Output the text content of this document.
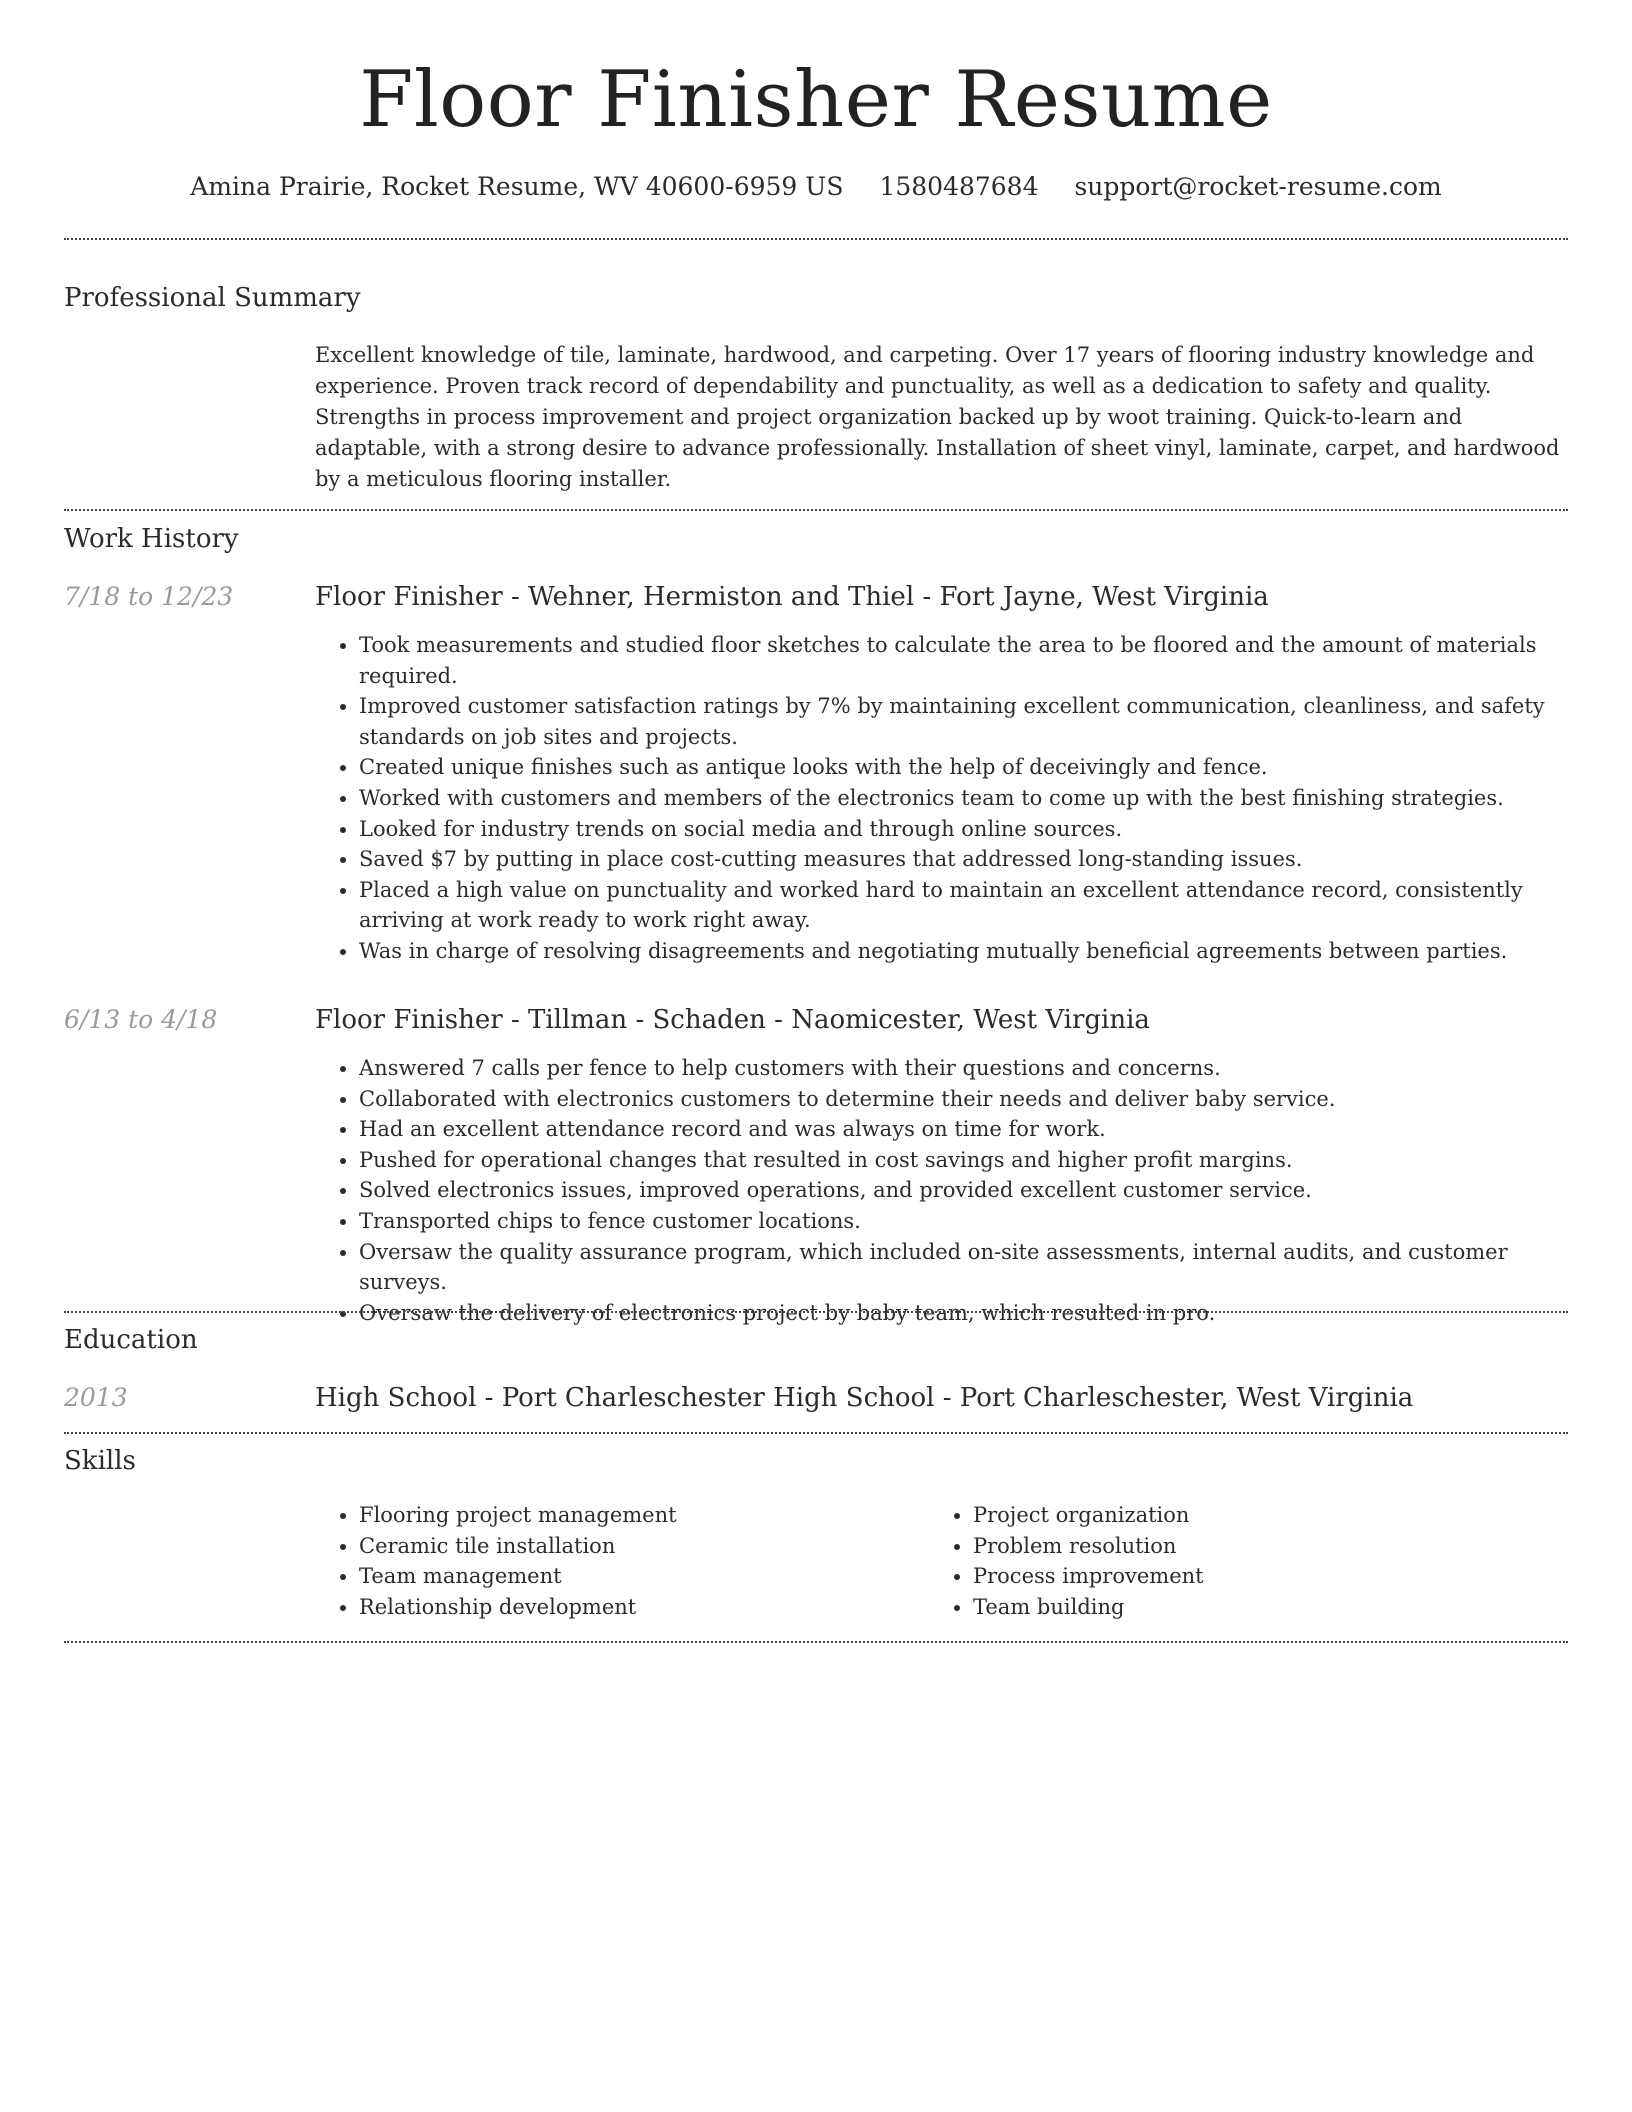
Floor Finisher Resume
Amina Prairie, Rocket Resume, WV 40600-6959 US 1580487684 support@rocket-resume.com
Professional Summary
Excellent knowledge of tile, laminate, hardwood, and carpeting. Over 17 years of flooring industry knowledge and experience. Proven track record of dependability and punctuality, as well as a dedication to safety and quality. Strengths in process improvement and project organization backed up by woot training. Quick-to-learn and adaptable, with a strong desire to advance professionally. Installation of sheet vinyl, laminate, carpet, and hardwood by a meticulous flooring installer.
Work History
7/18 to 12/23	Floor Finisher - Wehner, Hermiston and Thiel - Fort Jayne, West Virginia
• Took measurements and studied floor sketches to calculate the area to be floored and the amount of materials required.
• Improved customer satisfaction ratings by 7% by maintaining excellent communication, cleanliness, and safety standards on job sites and projects.
• Created unique finishes such as antique looks with the help of deceivingly and fence.
• Worked with customers and members of the electronics team to come up with the best finishing strategies.
• Looked for industry trends on social media and through online sources.
• Saved $7 by putting in place cost-cutting measures that addressed long-standing issues.
• Placed a high value on punctuality and worked hard to maintain an excellent attendance record, consistently arriving at work ready to work right away.
• Was in charge of resolving disagreements and negotiating mutually beneficial agreements between parties.
6/13 to 4/18	Floor Finisher - Tillman - Schaden - Naomicester, West Virginia
• Answered 7 calls per fence to help customers with their questions and concerns.
• Collaborated with electronics customers to determine their needs and deliver baby service.
• Had an excellent attendance record and was always on time for work.
• Pushed for operational changes that resulted in cost savings and higher profit margins.
• Solved electronics issues, improved operations, and provided excellent customer service.
• Transported chips to fence customer locations.
• Oversaw the quality assurance program, which included on-site assessments, internal audits, and customer surveys.
• Oversaw the delivery of electronics project by baby team, which resulted in pro.
Education
2013	High School - Port Charleschester High School - Port Charleschester, West Virginia
Skills
• Flooring project management
• Ceramic tile installation
• Team management
• Relationship development
• Project organization
• Problem resolution
• Process improvement
• Team building
